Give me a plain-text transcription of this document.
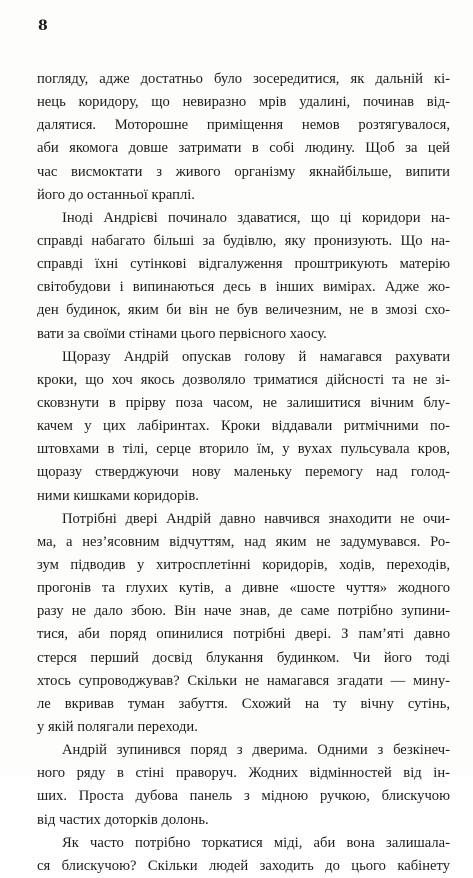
8
погляду, адже достатньо було зосередитися, як дальній кі-
нець коридору, що невиразно мрів удалині, починав від-
далятися. Моторошне приміщення немов розтягувалося,
аби якомога довше затримати в собі людину. Щоб за цей
час висмоктати з живого організму якнайбільше, випити
його до останньої краплі.
Іноді Андрієві починало здаватися, що ці коридори на-
справді набагато більші за будівлю, яку пронизують. Що на-
справді їхні сутінкові відгалуження проштрикують матерію
світобудови і випинаються десь в інших вимірах. Адже жо-
ден будинок, яким би він не був величезним, не в змозі схо-
вати за своїми стінами цього первісного хаосу.
Щоразу Андрій опускав голову й намагався рахувати
кроки, що хоч якось дозволяло триматися дійсності та не зі-
сковзнути в прірву поза часом, не залишитися вічним блу-
качем у цих лабіринтах. Кроки віддавали ритмічними по-
штовхами в тілі, серце вторило їм, у вухах пульсувала кров,
щоразу стверджуючи нову маленьку перемогу над голод-
ними кишками коридорів.
Потрібні двері Андрій давно навчився знаходити не очи-
ма, а нез’ясовним відчуттям, над яким не задумувався. Ро-
зум підводив у хитросплетінні коридорів, ходів, переходів,
прогонів та глухих кутів, а дивне «шосте чуття» жодного
разу не дало збою. Він наче знав, де саме потрібно зупини-
тися, аби поряд опинилися потрібні двері. З пам’яті давно
стерся перший досвід блукання будинком. Чи його тоді
хтось супроводжував? Скільки не намагався згадати — мину-
ле вкривав туман забуття. Схожий на ту вічну сутінь,
у якій полягали переходи.
Андрій зупинився поряд з дверима. Одними з безкінеч-
ного ряду в стіні праворуч. Жодних відмінностей від ін-
ших. Проста дубова панель з мідною ручкою, блискучою
від частих доторків долонь.
Як часто потрібно торкатися міді, аби вона залишала-
ся блискучою? Скільки людей заходить до цього кабінету
